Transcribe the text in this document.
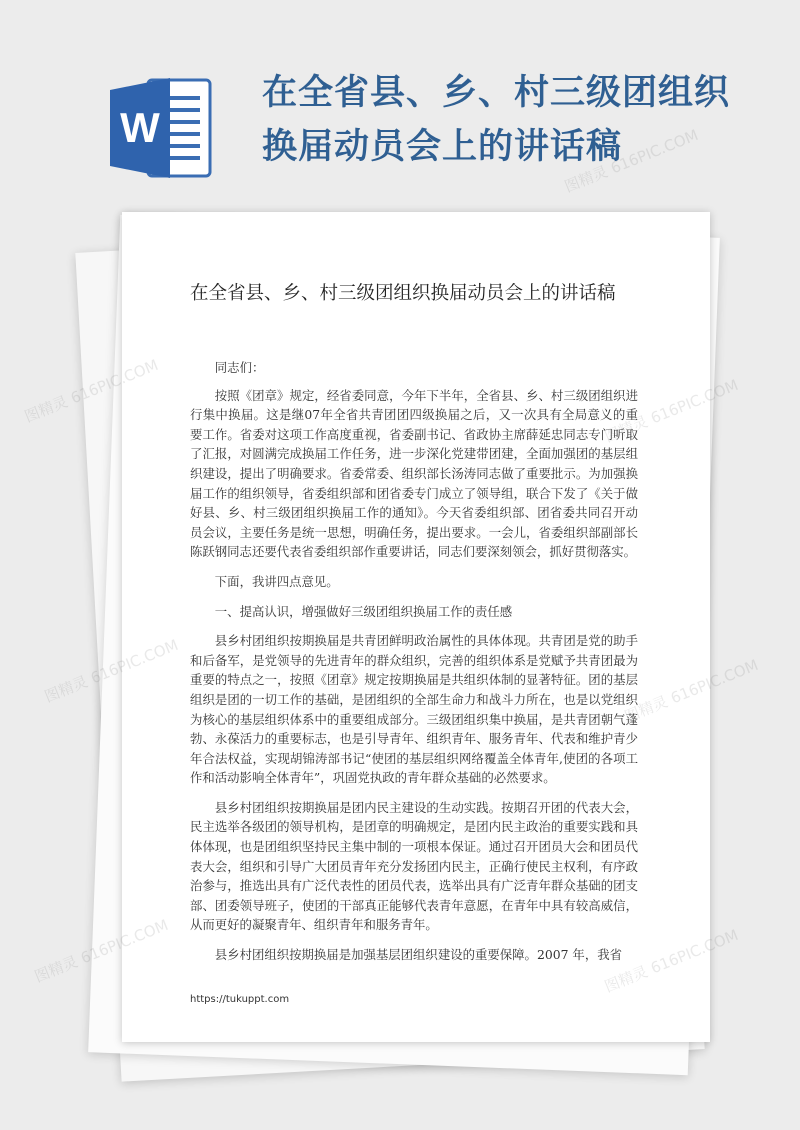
W
在全省县、乡、村三级团组织
换届动员会上的讲话稿
在全省县、乡、村三级团组织换届动员会上的讲话稿

同志们：

按照《团章》规定，经省委同意，今年下半年，全省县、乡、村三级团组织进行集中换届。这是继07年全省共青团团四级换届之后，又一次具有全局意义的重要工作。省委对这项工作高度重视，省委副书记、省政协主席薛延忠同志专门听取了汇报，对圆满完成换届工作任务，进一步深化党建带团建，全面加强团的基层组织建设，提出了明确要求。省委常委、组织部长汤涛同志做了重要批示。为加强换届工作的组织领导，省委组织部和团省委专门成立了领导组，联合下发了《关于做好县、乡、村三级团组织换届工作的通知》。今天省委组织部、团省委共同召开动员会议，主要任务是统一思想，明确任务，提出要求。一会儿，省委组织部副部长陈跃钢同志还要代表省委组织部作重要讲话，同志们要深刻领会，抓好贯彻落实。

下面，我讲四点意见。

一、提高认识，增强做好三级团组织换届工作的责任感

县乡村团组织按期换届是共青团鲜明政治属性的具体体现。共青团是党的助手和后备军，是党领导的先进青年的群众组织，完善的组织体系是党赋予共青团最为重要的特点之一，按照《团章》规定按期换届是共组织体制的显著特征。团的基层组织是团的一切工作的基础，是团组织的全部生命力和战斗力所在，也是以党组织为核心的基层组织体系中的重要组成部分。三级团组织集中换届，是共青团朝气蓬勃、永葆活力的重要标志，也是引导青年、组织青年、服务青年、代表和维护青少年合法权益，实现胡锦涛部书记“使团的基层组织网络覆盖全体青年,使团的各项工作和活动影响全体青年”，巩固党执政的青年群众基础的必然要求。

县乡村团组织按期换届是团内民主建设的生动实践。按期召开团的代表大会，民主选举各级团的领导机构，是团章的明确规定，是团内民主政治的重要实践和具体体现，也是团组织坚持民主集中制的一项根本保证。通过召开团员大会和团员代表大会，组织和引导广大团员青年充分发扬团内民主，正确行使民主权利，有序政治参与，推选出具有广泛代表性的团员代表，选举出具有广泛青年群众基础的团支部、团委领导班子，使团的干部真正能够代表青年意愿，在青年中具有较高威信，从而更好的凝聚青年、组织青年和服务青年。

县乡村团组织按期换届是加强基层团组织建设的重要保障。2007 年，我省

https://tukuppt.com
图精灵 616PIC.COM
图精灵
图精灵	616PIC.COM
图精灵
